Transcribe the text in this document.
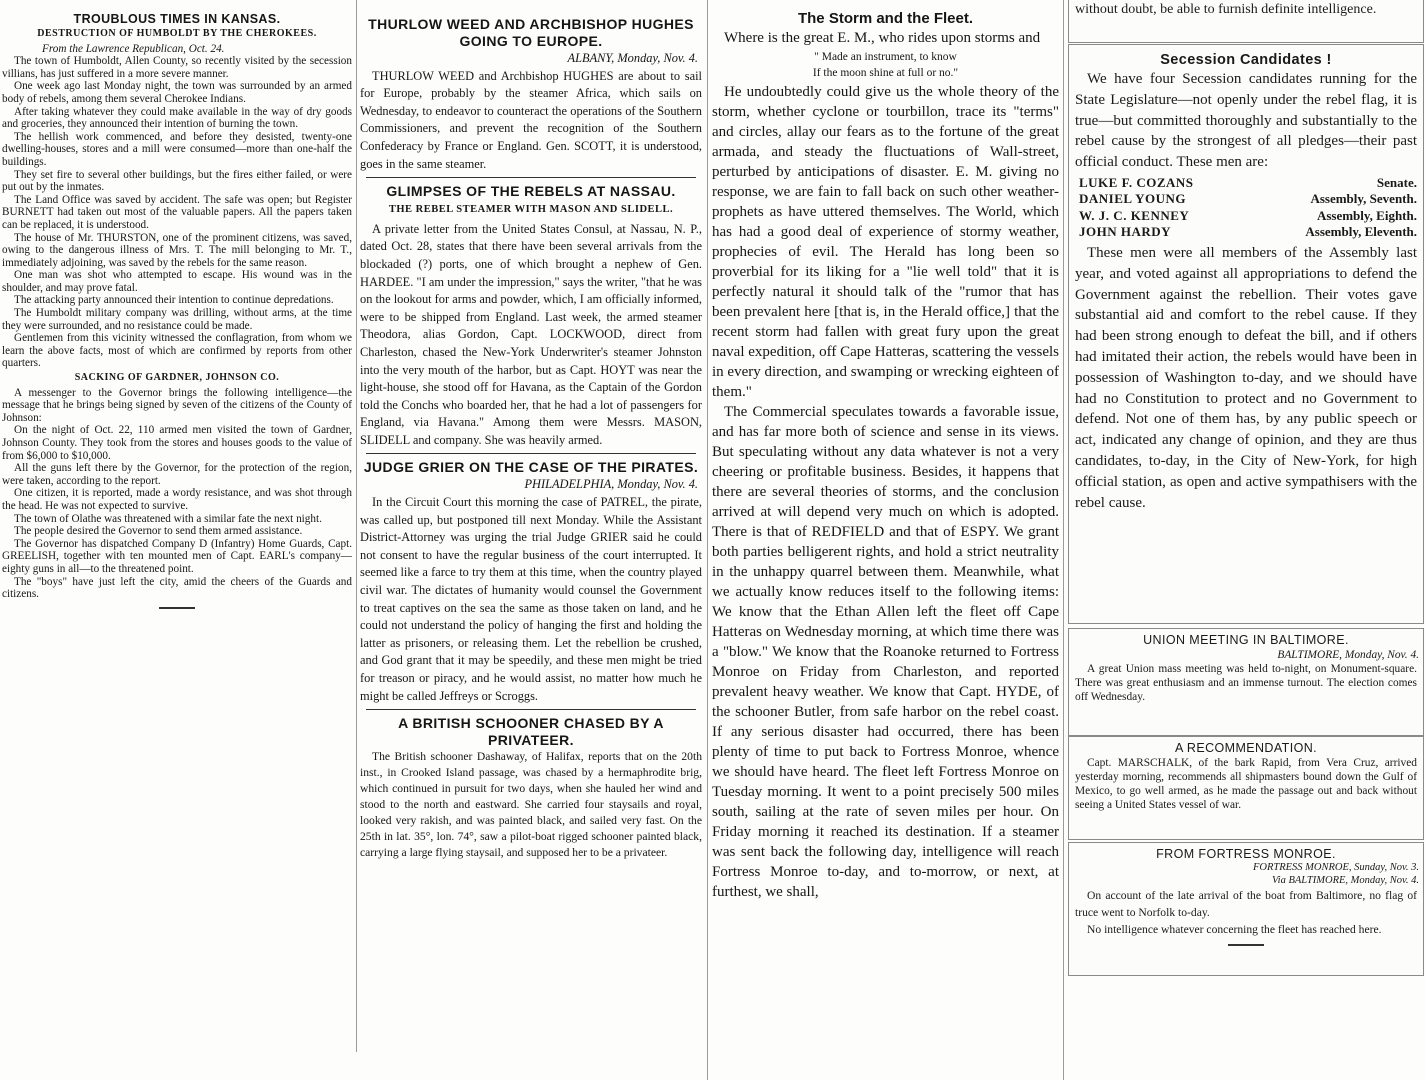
TROUBLOUS TIMES IN KANSAS.
DESTRUCTION OF HUMBOLDT BY THE CHEROKEES.
From the Lawrence Republican, Oct. 24.

The town of Humboldt, Allen County, so recently visited by the secession villians, has just suffered in a more severe manner.

One week ago last Monday night, the town was surrounded by an armed body of rebels, among them several Cherokee Indians.

After taking whatever they could make available in the way of dry goods and groceries, they announced their intention of burning the town.

The hellish work commenced, and before they desisted, twenty-one dwelling-houses, stores and a mill were consumed—more than one-half the buildings.

They set fire to several other buildings, but the fires either failed, or were put out by the inmates.

The Land Office was saved by accident. The safe was open; but Register BURNETT had taken out most of the valuable papers. All the papers taken can be replaced, it is understood.

The house of Mr. THURSTON, one of the prominent citizens, was saved, owing to the dangerous illness of Mrs. T. The mill belonging to Mr. T., immediately adjoining, was saved by the rebels for the same reason.

One man was shot who attempted to escape. His wound was in the shoulder, and may prove fatal.

The attacking party announced their intention to continue depredations.

The Humboldt military company was drilling, without arms, at the time they were surrounded, and no resistance could be made.

Gentlemen from this vicinity witnessed the conflagration, from whom we learn the above facts, most of which are confirmed by reports from other quarters.

SACKING OF GARDNER, JOHNSON CO.

A messenger to the Governor brings the following intelligence—the message that he brings being signed by seven of the citizens of the County of Johnson:

On the night of Oct. 22, 110 armed men visited the town of Gardner, Johnson County. They took from the stores and houses goods to the value of from $6,000 to $10,000.

All the guns left there by the Governor, for the protection of the region, were taken, according to the report.

One citizen, it is reported, made a wordy resistance, and was shot through the head. He was not expected to survive.

The town of Olathe was threatened with a similar fate the next night.

The people desired the Governor to send them armed assistance.

The Governor has dispatched Company D (Infantry) Home Guards, Capt. GREELISH, together with ten mounted men of Capt. EARL's company—eighty guns in all—to the threatened point.

The "boys" have just left the city, amid the cheers of the Guards and citizens.

THURLOW WEED AND ARCHBISHOP HUGHES GOING TO EUROPE.
ALBANY, Monday, Nov. 4.

THURLOW WEED and Archbishop HUGHES are about to sail for Europe, probably by the steamer Africa, which sails on Wednesday, to endeavor to counteract the operations of the Southern Commissioners, and prevent the recognition of the Southern Confederacy by France or England. Gen. SCOTT, it is understood, goes in the same steamer.

GLIMPSES OF THE REBELS AT NASSAU.
THE REBEL STEAMER WITH MASON AND SLIDELL.

A private letter from the United States Consul, at Nassau, N. P., dated Oct. 28, states that there have been several arrivals from the blockaded (?) ports, one of which brought a nephew of Gen. HARDEE. "I am under the impression," says the writer, "that he was on the lookout for arms and powder, which, I am officially informed, were to be shipped from England. Last week, the armed steamer Theodora, alias Gordon, Capt. LOCKWOOD, direct from Charleston, chased the New-York Underwriter's steamer Johnston into the very mouth of the harbor, but as Capt. HOYT was near the light-house, she stood off for Havana, as the Captain of the Gordon told the Conchs who boarded her, that he had a lot of passengers for England, via Havana." Among them were Messrs. MASON, SLIDELL and company. She was heavily armed.

JUDGE GRIER ON THE CASE OF THE PIRATES.
PHILADELPHIA, Monday, Nov. 4.

In the Circuit Court this morning the case of PATREL, the pirate, was called up, but postponed till next Monday. While the Assistant District-Attorney was urging the trial Judge GRIER said he could not consent to have the regular business of the court interrupted. It seemed like a farce to try them at this time, when the country played civil war. The dictates of humanity would counsel the Government to treat captives on the sea the same as those taken on land, and he could not understand the policy of hanging the first and holding the latter as prisoners, or releasing them. Let the rebellion be crushed, and God grant that it may be speedily, and these men might be tried for treason or piracy, and he would assist, no matter how much he might be called Jeffreys or Scroggs.

A BRITISH SCHOONER CHASED BY A PRIVATEER.

The British schooner Dashaway, of Halifax, reports that on the 20th inst., in Crooked Island passage, was chased by a hermaphrodite brig, which continued in pursuit for two days, when she hauled her wind and stood to the north and eastward. She carried four staysails and royal, looked very rakish, and was painted black, and sailed very fast. On the 25th in lat. 35°, lon. 74°, saw a pilot-boat rigged schooner painted black, carrying a large flying staysail, and supposed her to be a privateer.

The Storm and the Fleet.

Where is the great E. M., who rides upon storms and

" Made an instrument, to know
If the moon shine at full or no."

He undoubtedly could give us the whole theory of the storm, whether cyclone or tourbillon, trace its "terms" and circles, allay our fears as to the fortune of the great armada, and steady the fluctuations of Wall-street, perturbed by anticipations of disaster. E. M. giving no response, we are fain to fall back on such other weather-prophets as have uttered themselves. The World, which has had a good deal of experience of stormy weather, prophecies of evil. The Herald has long been so proverbial for its liking for a "lie well told" that it is perfectly natural it should talk of the "rumor that has been prevalent here [that is, in the Herald office,] that the recent storm had fallen with great fury upon the great naval expedition, off Cape Hatteras, scattering the vessels in every direction, and swamping or wrecking eighteen of them."

The Commercial speculates towards a favorable issue, and has far more both of science and sense in its views. But speculating without any data whatever is not a very cheering or profitable business. Besides, it happens that there are several theories of storms, and the conclusion arrived at will depend very much on which is adopted. There is that of REDFIELD and that of ESPY. We grant both parties belligerent rights, and hold a strict neutrality in the unhappy quarrel between them. Meanwhile, what we actually know reduces itself to the following items: We know that the Ethan Allen left the fleet off Cape Hatteras on Wednesday morning, at which time there was a "blow." We know that the Roanoke returned to Fortress Monroe on Friday from Charleston, and reported prevalent heavy weather. We know that Capt. HYDE, of the schooner Butler, from safe harbor on the rebel coast. If any serious disaster had occurred, there has been plenty of time to put back to Fortress Monroe, whence we should have heard. The fleet left Fortress Monroe on Tuesday morning. It went to a point precisely 500 miles south, sailing at the rate of seven miles per hour. On Friday morning it reached its destination. If a steamer was sent back the following day, intelligence will reach Fortress Monroe to-day, and to-morrow, or next, at furthest, we shall,

without doubt, be able to furnish definite intelligence.

Secession Candidates !

We have four Secession candidates running for the State Legislature—not openly under the rebel flag, it is true—but committed thoroughly and substantially to the rebel cause by the strongest of all pledges—their past official conduct. These men are:

LUKE F. COZANS	Senate.
DANIEL YOUNG	Assembly, Seventh.
W. J. C. KENNEY	Assembly, Eighth.
JOHN HARDY	Assembly, Eleventh.

These men were all members of the Assembly last year, and voted against all appropriations to defend the Government against the rebellion. Their votes gave substantial aid and comfort to the rebel cause. If they had been strong enough to defeat the bill, and if others had imitated their action, the rebels would have been in possession of Washington to-day, and we should have had no Constitution to protect and no Government to defend. Not one of them has, by any public speech or act, indicated any change of opinion, and they are thus candidates, to-day, in the City of New-York, for high official station, as open and active sympathisers with the rebel cause.

UNION MEETING IN BALTIMORE.
BALTIMORE, Monday, Nov. 4.

A great Union mass meeting was held to-night, on Monument-square. There was great enthusiasm and an immense turnout. The election comes off Wednesday.

A RECOMMENDATION.

Capt. MARSCHALK, of the bark Rapid, from Vera Cruz, arrived yesterday morning, recommends all shipmasters bound down the Gulf of Mexico, to go well armed, as he made the passage out and back without seeing a United States vessel of war.

FROM FORTRESS MONROE.
FORTRESS MONROE, Sunday, Nov. 3.
Via BALTIMORE, Monday, Nov. 4.

On account of the late arrival of the boat from Baltimore, no flag of truce went to Norfolk to-day.

No intelligence whatever concerning the fleet has reached here.
